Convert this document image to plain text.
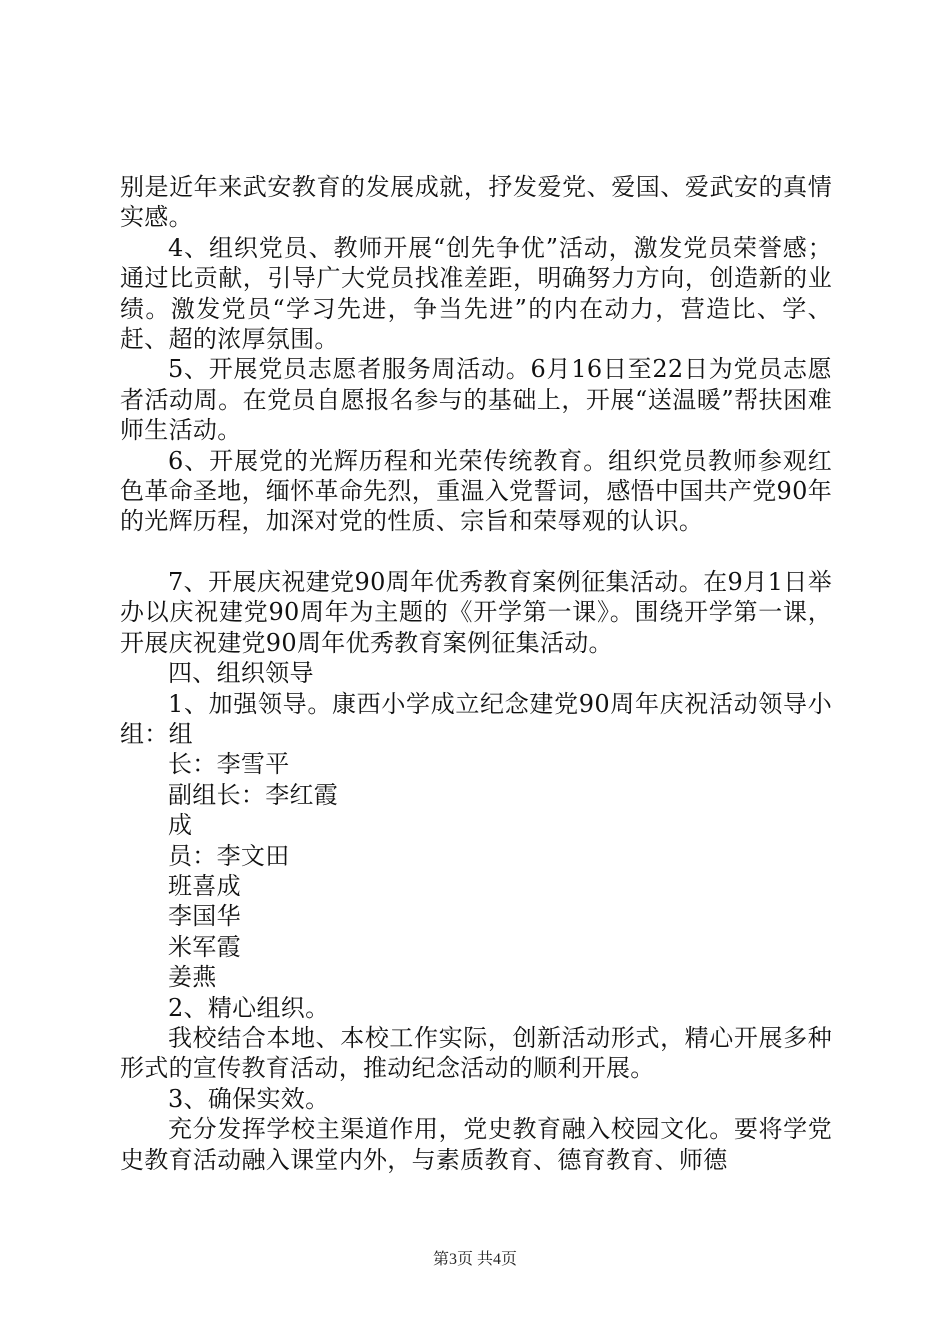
别是近年来武安教育的发展成就，抒发爱党、爱国、爱武安的真情实感。

4、组织党员、教师开展“创先争优”活动，激发党员荣誉感；通过比贡献，引导广大党员找准差距，明确努力方向，创造新的业绩。激发党员“学习先进，争当先进”的内在动力，营造比、学、赶、超的浓厚氛围。

5、开展党员志愿者服务周活动。6月16日至22日为党员志愿者活动周。在党员自愿报名参与的基础上，开展“送温暖”帮扶困难师生活动。

6、开展党的光辉历程和光荣传统教育。组织党员教师参观红色革命圣地，缅怀革命先烈，重温入党誓词，感悟中国共产党90年的光辉历程，加深对党的性质、宗旨和荣辱观的认识。

7、开展庆祝建党90周年优秀教育案例征集活动。在9月1日举办以庆祝建党90周年为主题的《开学第一课》。围绕开学第一课，开展庆祝建党90周年优秀教育案例征集活动。

四、组织领导

1、加强领导。康西小学成立纪念建党90周年庆祝活动领导小组：组

长：李雪平

副组长：李红霞

成

员：李文田

班喜成

李国华

米军霞

姜燕

2、精心组织。

我校结合本地、本校工作实际，创新活动形式，精心开展多种形式的宣传教育活动，推动纪念活动的顺利开展。

3、确保实效。

充分发挥学校主渠道作用，党史教育融入校园文化。要将学党史教育活动融入课堂内外，与素质教育、德育教育、师德

第3页 共4页
